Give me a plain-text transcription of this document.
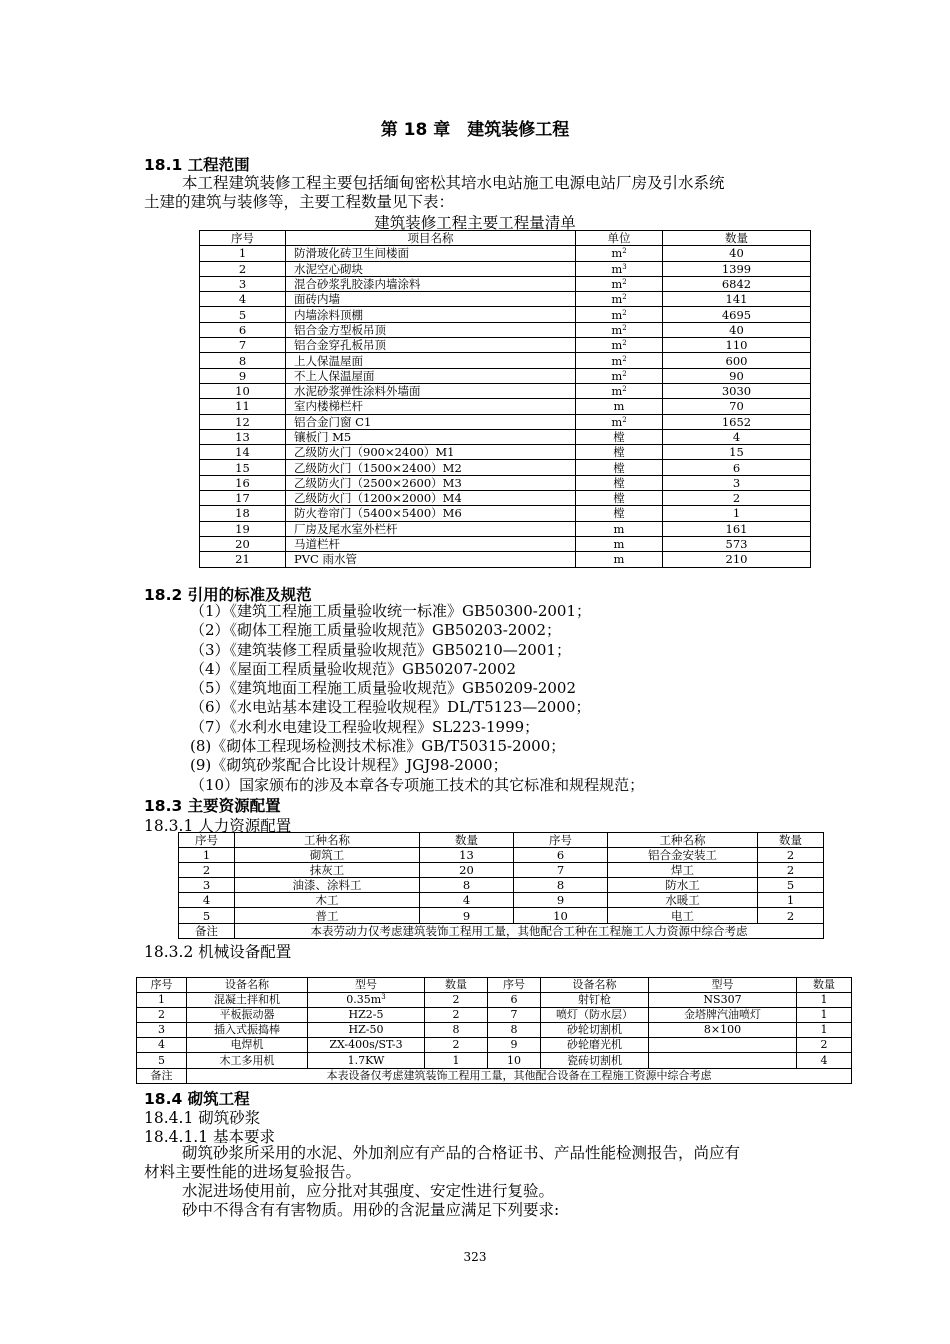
第 18 章　建筑装修工程
18.1 工程范围
本工程建筑装修工程主要包括缅甸密松其培水电站施工电源电站厂房及引水系统
土建的建筑与装修等，主要工程数量见下表：
建筑装修工程主要工程量清单
序号	项目名称	单位	数量
1	防滑玻化砖卫生间楼面	$m^2$	40
2	水泥空心砌块	$m^3$	1399
3	混合砂浆乳胶漆内墙涂料	$m^2$	6842
4	面砖内墙	$m^2$	141
5	内墙涂料顶棚	$m^2$	4695
6	铝合金方型板吊顶	$m^2$	40
7	铝合金穿孔板吊顶	$m^2$	110
8	上人保温屋面	$m^2$	600
9	不上人保温屋面	$m^2$	90
10	水泥砂浆弹性涂料外墙面	$m^2$	3030
11	室内楼梯栏杆	m	70
12	铝合金门窗 C1	$m^2$	1652
13	镶板门 M5	樘	4
14	乙级防火门（900×2400）M1	樘	15
15	乙级防火门（1500×2400）M2	樘	6
16	乙级防火门（2500×2600）M3	樘	3
17	乙级防火门（1200×2000）M4	樘	2
18	防火卷帘门（5400×5400）M6	樘	1
19	厂房及尾水室外栏杆	m	161
20	马道栏杆	m	573
21	PVC 雨水管	m	210
18.2 引用的标准及规范
（1）《建筑工程施工质量验收统一标准》GB50300-2001；
（2）《砌体工程施工质量验收规范》GB50203-2002；
（3）《建筑装修工程质量验收规范》GB50210—2001；
（4）《屋面工程质量验收规范》GB50207-2002
（5）《建筑地面工程施工质量验收规范》GB50209-2002
（6）《水电站基本建设工程验收规程》DL/T5123—2000；
（7）《水利水电建设工程验收规程》SL223-1999；
(8)《砌体工程现场检测技术标准》GB/T50315-2000；
(9)《砌筑砂浆配合比设计规程》JGJ98-2000；
（10）国家颁布的涉及本章各专项施工技术的其它标准和规程规范；
18.3 主要资源配置
18.3.1 人力资源配置
序号	工种名称	数量	序号	工种名称	数量
1	砌筑工	13	6	铝合金安装工	2
2	抹灰工	20	7	焊工	2
3	油漆、涂料工	8	8	防水工	5
4	木工	4	9	水暖工	1
5	普工	9	10	电工	2
备注	本表劳动力仅考虑建筑装饰工程用工量，其他配合工种在工程施工人力资源中综合考虑				
18.3.2 机械设备配置
序号	设备名称	型号	数量	序号	设备名称	型号	数量
1	混凝土拌和机	$0.35m^3$	2	6	射钉枪	NS307	1
2	平板振动器	HZ2-5	2	7	喷灯（防水层）	金塔牌汽油喷灯	1
3	插入式振捣棒	HZ-50	8	8	砂轮切割机	8×100	1
4	电焊机	ZX-400s/ST-3	2	9	砂轮磨光机		2
5	木工多用机	1.7KW	1	10	瓷砖切割机		4
备注	本表设备仅考虑建筑装饰工程用工量，其他配合设备在工程施工资源中综合考虑						
18.4 砌筑工程
18.4.1 砌筑砂浆
18.4.1.1 基本要求
砌筑砂浆所采用的水泥、外加剂应有产品的合格证书、产品性能检测报告，尚应有
材料主要性能的进场复验报告。
水泥进场使用前，应分批对其强度、安定性进行复验。
砂中不得含有有害物质。用砂的含泥量应满足下列要求:
323
